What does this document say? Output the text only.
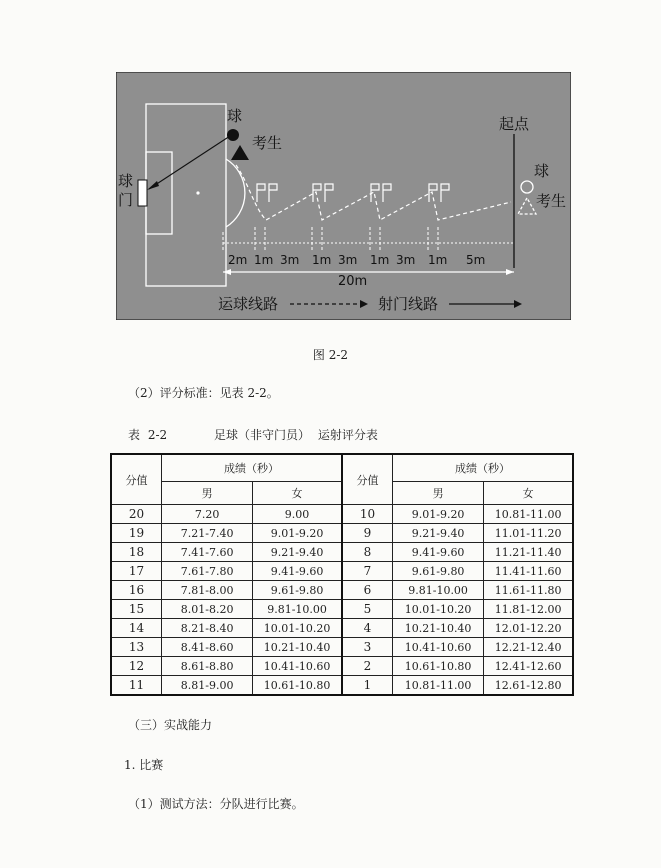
球
考生
起点
球
考生
球
门
2m 1m 3m 1m 3m 1m 3m 1m 5m
20m
运球线路	射门线路
图 2-2
（2）评分标准：见表 2-2。
表 2-2	足球（非守门员） 运射评分表
分值	成绩（秒）		分值	成绩（秒）	
	男	女		男	女
20	7.20	9.00	10	9.01-9.20	10.81-11.00
19	7.21-7.40	9.01-9.20	9	9.21-9.40	11.01-11.20
18	7.41-7.60	9.21-9.40	8	9.41-9.60	11.21-11.40
17	7.61-7.80	9.41-9.60	7	9.61-9.80	11.41-11.60
16	7.81-8.00	9.61-9.80	6	9.81-10.00	11.61-11.80
15	8.01-8.20	9.81-10.00	5	10.01-10.20	11.81-12.00
14	8.21-8.40	10.01-10.20	4	10.21-10.40	12.01-12.20
13	8.41-8.60	10.21-10.40	3	10.41-10.60	12.21-12.40
12	8.61-8.80	10.41-10.60	2	10.61-10.80	12.41-12.60
11	8.81-9.00	10.61-10.80	1	10.81-11.00	12.61-12.80
（三）实战能力
1. 比赛
（1）测试方法：分队进行比赛。
